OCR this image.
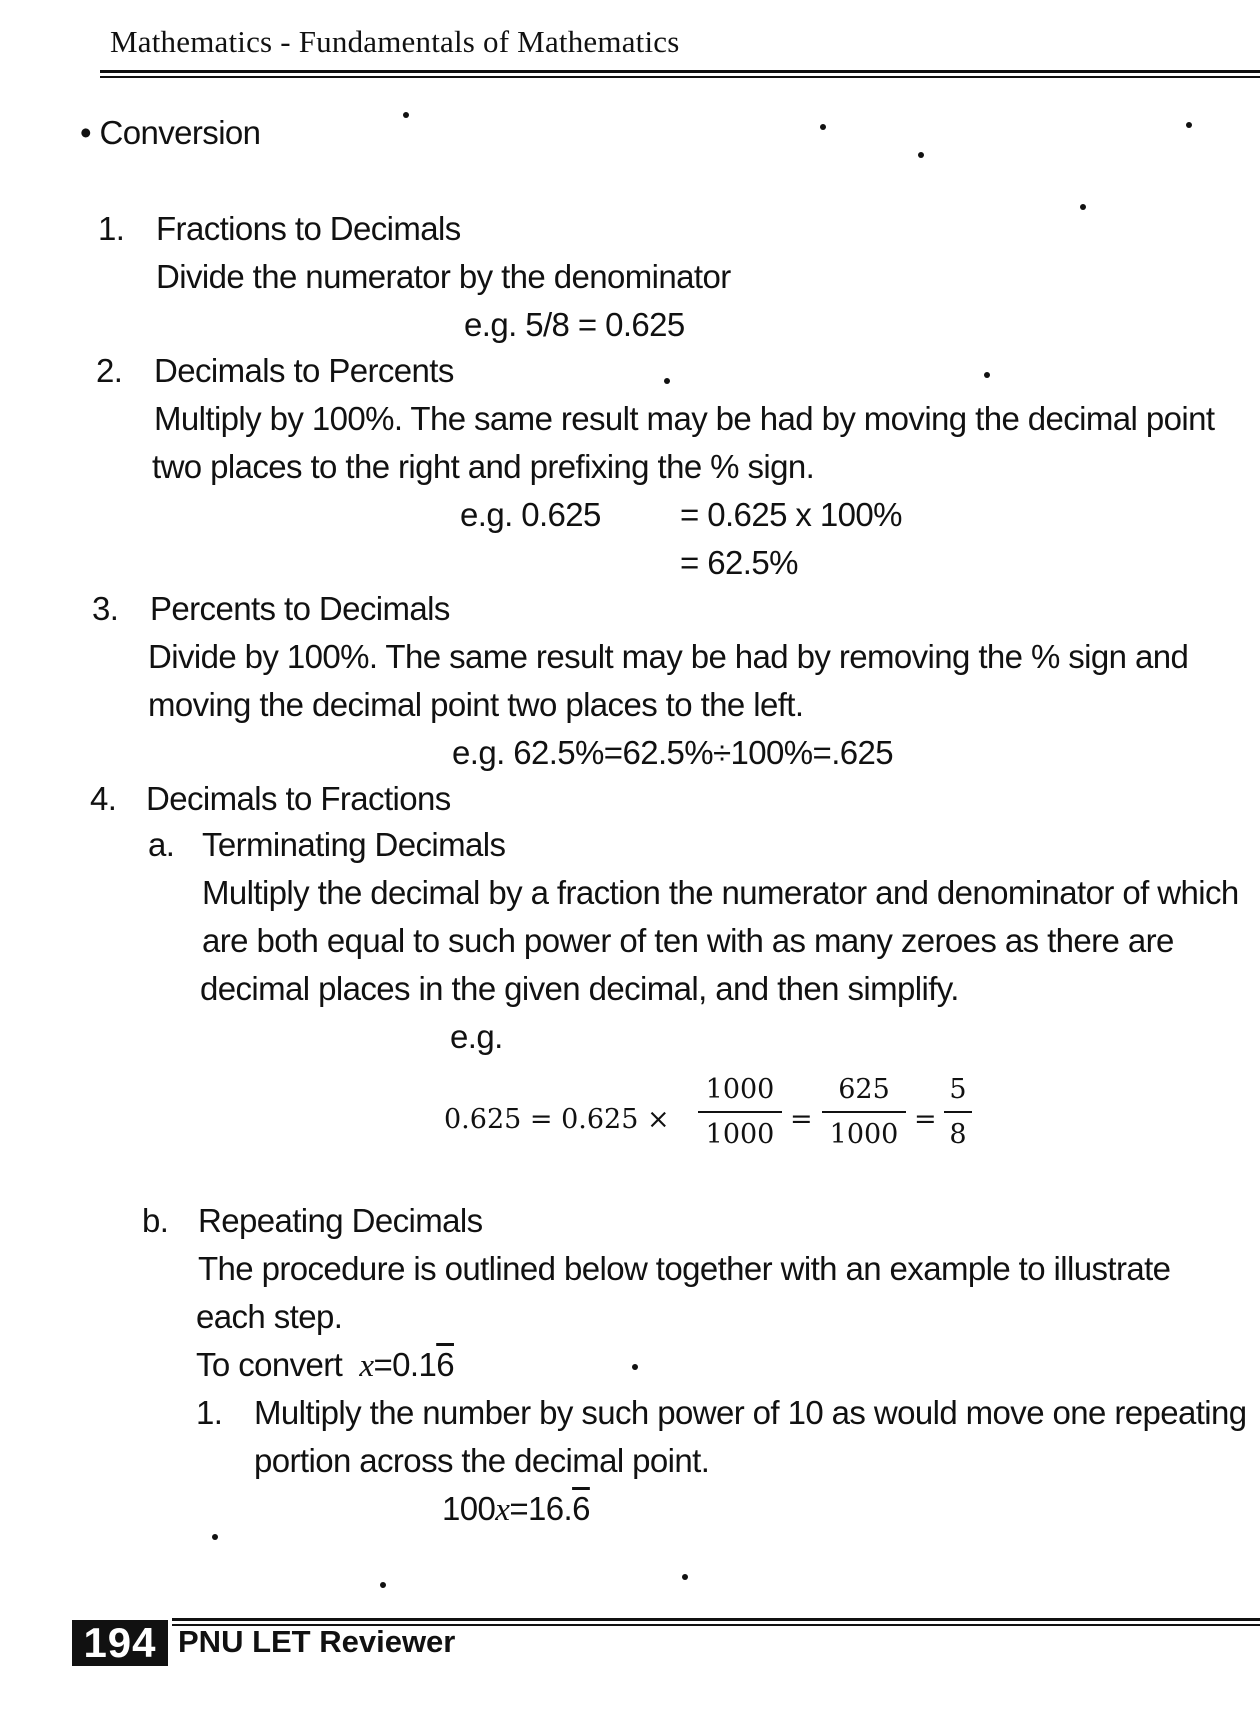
Mathematics - Fundamentals of Mathematics
• Conversion
1. Fractions to Decimals
Divide the numerator by the denominator
e.g. 5/8 = 0.625
2. Decimals to Percents
Multiply by 100%. The same result may be had by moving the decimal point
two places to the right and prefixing the % sign.
e.g. 0.625 = 0.625 x 100%
= 62.5%
3. Percents to Decimals
Divide by 100%. The same result may be had by removing the % sign and
moving the decimal point two places to the left.
e.g. 62.5%=62.5%÷100%=.625
4. Decimals to Fractions
a. Terminating Decimals
Multiply the decimal by a fraction the numerator and denominator of which
are both equal to such power of ten with as many zeroes as there are
decimal places in the given decimal, and then simplify.
e.g.
0.625 = 0.625 ×
1000
1000 =
625
1000 =
5
8
b. Repeating Decimals
The procedure is outlined below together with an example to illustrate
each step.
To convert x=0.16
1. Multiply the number by such power of 10 as would move one repeating
portion across the decimal point.
100x=16.6
194 PNU LET Reviewer
